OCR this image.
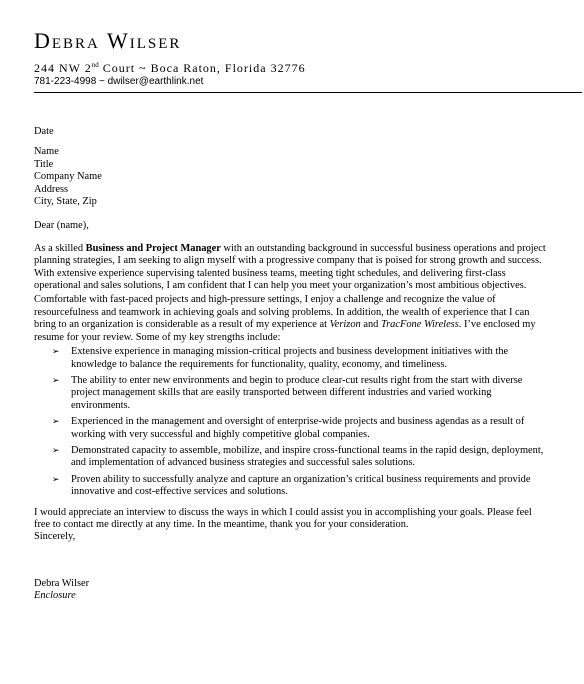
Debra Wilser
244 NW 2nd Court ~ Boca Raton, Florida 32776
781-223-4998 ~ dwilser@earthlink.net
Date
Name
Title
Company Name
Address
City, State, Zip
Dear (name),
As a skilled Business and Project Manager with an outstanding background in successful business operations and project planning strategies, I am seeking to align myself with a progressive company that is poised for strong growth and success. With extensive experience supervising talented business teams, meeting tight schedules, and delivering first-class operational and sales solutions, I am confident that I can help you meet your organization’s most ambitious objectives.
Comfortable with fast-paced projects and high-pressure settings, I enjoy a challenge and recognize the value of resourcefulness and teamwork in achieving goals and solving problems. In addition, the wealth of experience that I can bring to an organization is considerable as a result of my experience at Verizon and TracFone Wireless. I’ve enclosed my resume for your review. Some of my key strengths include:
➢ Extensive experience in managing mission-critical projects and business development initiatives with the knowledge to balance the requirements for functionality, quality, economy, and timeliness.
➢ The ability to enter new environments and begin to produce clear-cut results right from the start with diverse project management skills that are easily transported between different industries and varied working environments.
➢ Experienced in the management and oversight of enterprise-wide projects and business agendas as a result of working with very successful and highly competitive global companies.
➢ Demonstrated capacity to assemble, mobilize, and inspire cross-functional teams in the rapid design, deployment, and implementation of advanced business strategies and successful sales solutions.
➢ Proven ability to successfully analyze and capture an organization’s critical business requirements and provide innovative and cost-effective services and solutions.
I would appreciate an interview to discuss the ways in which I could assist you in accomplishing your goals. Please feel free to contact me directly at any time. In the meantime, thank you for your consideration.
Sincerely,
Debra Wilser
Enclosure
